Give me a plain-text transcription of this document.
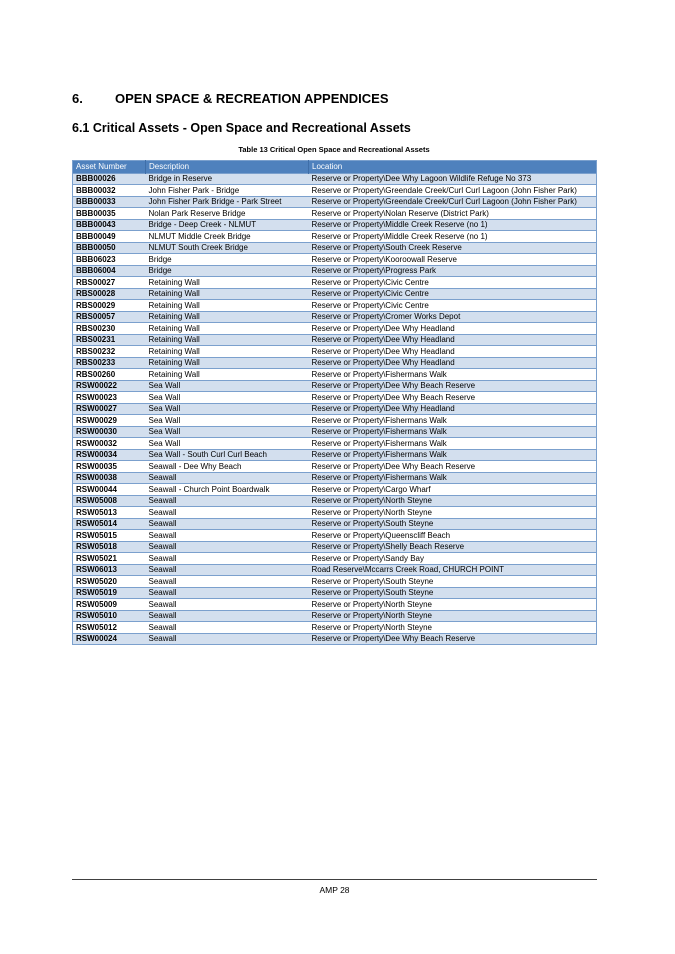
6.	OPEN SPACE & RECREATION APPENDICES
6.1 Critical Assets - Open Space and Recreational Assets
Table 13 Critical Open Space and Recreational Assets
Asset Number	Description	Location
BBB00026	Bridge in Reserve	Reserve or Property\Dee Why Lagoon Wildlife Refuge No 373
BBB00032	John Fisher Park - Bridge	Reserve or Property\Greendale Creek/Curl Curl Lagoon (John Fisher Park)
BBB00033	John Fisher Park Bridge - Park Street	Reserve or Property\Greendale Creek/Curl Curl Lagoon (John Fisher Park)
BBB00035	Nolan Park Reserve Bridge	Reserve or Property\Nolan Reserve (District Park)
BBB00043	Bridge - Deep Creek - NLMUT	Reserve or Property\Middle Creek Reserve (no 1)
BBB00049	NLMUT Middle Creek Bridge	Reserve or Property\Middle Creek Reserve (no 1)
BBB00050	NLMUT South Creek Bridge	Reserve or Property\South Creek Reserve
BBB06023	Bridge	Reserve or Property\Kooroowall Reserve
BBB06004	Bridge	Reserve or Property\Progress Park
RBS00027	Retaining Wall	Reserve or Property\Civic Centre
RBS00028	Retaining Wall	Reserve or Property\Civic Centre
RBS00029	Retaining Wall	Reserve or Property\Civic Centre
RBS00057	Retaining Wall	Reserve or Property\Cromer Works Depot
RBS00230	Retaining Wall	Reserve or Property\Dee Why Headland
RBS00231	Retaining Wall	Reserve or Property\Dee Why Headland
RBS00232	Retaining Wall	Reserve or Property\Dee Why Headland
RBS00233	Retaining Wall	Reserve or Property\Dee Why Headland
RBS00260	Retaining Wall	Reserve or Property\Fishermans Walk
RSW00022	Sea Wall	Reserve or Property\Dee Why Beach Reserve
RSW00023	Sea Wall	Reserve or Property\Dee Why Beach Reserve
RSW00027	Sea Wall	Reserve or Property\Dee Why Headland
RSW00029	Sea Wall	Reserve or Property\Fishermans Walk
RSW00030	Sea Wall	Reserve or Property\Fishermans Walk
RSW00032	Sea Wall	Reserve or Property\Fishermans Walk
RSW00034	Sea Wall - South Curl Curl Beach	Reserve or Property\Fishermans Walk
RSW00035	Seawall - Dee Why Beach	Reserve or Property\Dee Why Beach Reserve
RSW00038	Seawall	Reserve or Property\Fishermans Walk
RSW00044	Seawall - Church Point Boardwalk	Reserve or Property\Cargo Wharf
RSW05008	Seawall	Reserve or Property\North Steyne
RSW05013	Seawall	Reserve or Property\North Steyne
RSW05014	Seawall	Reserve or Property\South Steyne
RSW05015	Seawall	Reserve or Property\Queenscliff Beach
RSW05018	Seawall	Reserve or Property\Shelly Beach Reserve
RSW05021	Seawall	Reserve or Property\Sandy Bay
RSW06013	Seawall	Road Reserve\Mccarrs Creek Road, CHURCH POINT
RSW05020	Seawall	Reserve or Property\South Steyne
RSW05019	Seawall	Reserve or Property\South Steyne
RSW05009	Seawall	Reserve or Property\North Steyne
RSW05010	Seawall	Reserve or Property\North Steyne
RSW05012	Seawall	Reserve or Property\North Steyne
RSW00024	Seawall	Reserve or Property\Dee Why Beach Reserve
AMP 28
